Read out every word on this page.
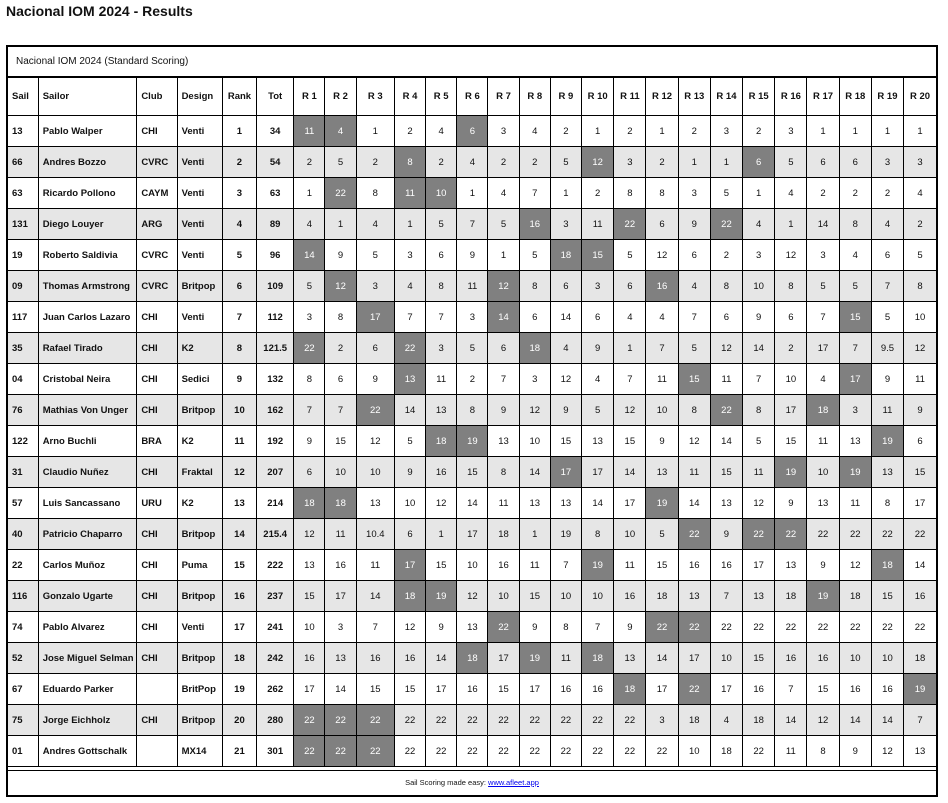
Nacional IOM 2024 - Results
Nacional IOM 2024 (Standard Scoring)
Sail	Sailor	Club	Design	Rank	Tot	R 1	R 2	R 3	R 4	R 5	R 6	R 7	R 8	R 9	R 10	R 11	R 12	R 13	R 14	R 15	R 16	R 17	R 18	R 19	R 20
13	Pablo Walper	CHI	Venti	1	34	11	4	1	2	4	6	3	4	2	1	2	1	2	3	2	3	1	1	1	1
66	Andres Bozzo	CVRC	Venti	2	54	2	5	2	8	2	4	2	2	5	12	3	2	1	1	6	5	6	6	3	3
63	Ricardo Pollono	CAYM	Venti	3	63	1	22	8	11	10	1	4	7	1	2	8	8	3	5	1	4	2	2	2	4
131	Diego Louyer	ARG	Venti	4	89	4	1	4	1	5	7	5	16	3	11	22	6	9	22	4	1	14	8	4	2
19	Roberto Saldivia	CVRC	Venti	5	96	14	9	5	3	6	9	1	5	18	15	5	12	6	2	3	12	3	4	6	5
09	Thomas Armstrong	CVRC	Britpop	6	109	5	12	3	4	8	11	12	8	6	3	6	16	4	8	10	8	5	5	7	8
117	Juan Carlos Lazaro	CHI	Venti	7	112	3	8	17	7	7	3	14	6	14	6	4	4	7	6	9	6	7	15	5	10
35	Rafael Tirado	CHI	K2	8	121.5	22	2	6	22	3	5	6	18	4	9	1	7	5	12	14	2	17	7	9.5	12
04	Cristobal Neira	CHI	Sedici	9	132	8	6	9	13	11	2	7	3	12	4	7	11	15	11	7	10	4	17	9	11
76	Mathias Von Unger	CHI	Britpop	10	162	7	7	22	14	13	8	9	12	9	5	12	10	8	22	8	17	18	3	11	9
122	Arno Buchli	BRA	K2	11	192	9	15	12	5	18	19	13	10	15	13	15	9	12	14	5	15	11	13	19	6
31	Claudio Nuñez	CHI	Fraktal	12	207	6	10	10	9	16	15	8	14	17	17	14	13	11	15	11	19	10	19	13	15
57	Luis Sancassano	URU	K2	13	214	18	18	13	10	12	14	11	13	13	14	17	19	14	13	12	9	13	11	8	17
40	Patricio Chaparro	CHI	Britpop	14	215.4	12	11	10.4	6	1	17	18	1	19	8	10	5	22	9	22	22	22	22	22	22
22	Carlos Muñoz	CHI	Puma	15	222	13	16	11	17	15	10	16	11	7	19	11	15	16	16	17	13	9	12	18	14
116	Gonzalo Ugarte	CHI	Britpop	16	237	15	17	14	18	19	12	10	15	10	10	16	18	13	7	13	18	19	18	15	16
74	Pablo Alvarez	CHI	Venti	17	241	10	3	7	12	9	13	22	9	8	7	9	22	22	22	22	22	22	22	22	22
52	Jose Miguel Selman	CHI	Britpop	18	242	16	13	16	16	14	18	17	19	11	18	13	14	17	10	15	16	16	10	10	18
67	Eduardo Parker		BritPop	19	262	17	14	15	15	17	16	15	17	16	16	18	17	22	17	16	7	15	16	16	19
75	Jorge Eichholz	CHI	Britpop	20	280	22	22	22	22	22	22	22	22	22	22	22	3	18	4	18	14	12	14	14	7
01	Andres Gottschalk		MX14	21	301	22	22	22	22	22	22	22	22	22	22	22	22	10	18	22	11	8	9	12	13
Sail Scoring made easy: www.afleet.app
